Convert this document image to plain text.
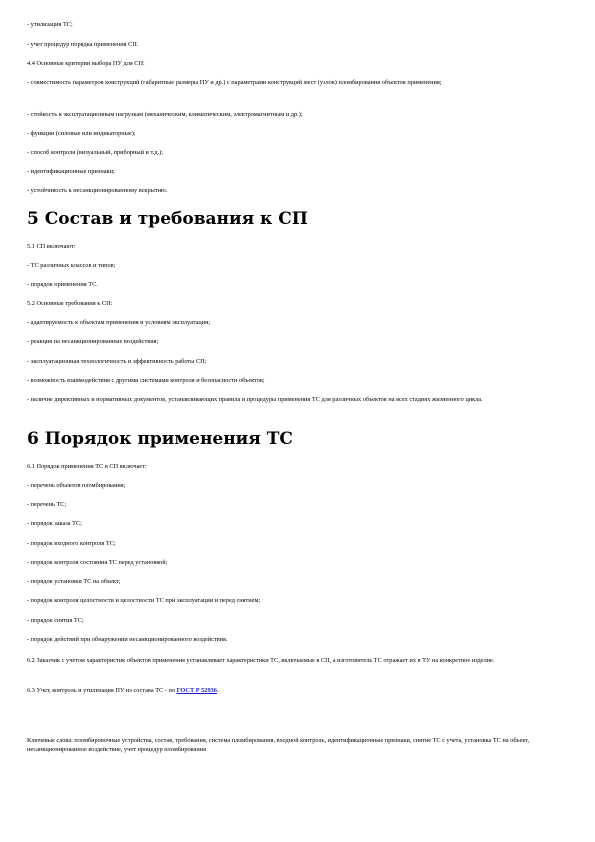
- утилизация ТС;
- учет процедур порядка применения СП.
4.4 Основные критерии выбора ПУ для СП:
- совместимость параметров конструкций (габаритные размеры ПУ и др.) с параметрами конструкций мест (узлов) пломбирования объектов применения;
- стойкость к эксплуатационным нагрузкам (механическим, климатическим, электромагнитным и др.);
- функции (силовые или индикаторные);
- способ контроля (визуальный, приборный и т.д.);
- идентификационные признаки;
- устойчивость к несанкционированному вскрытию.
5 Состав и требования к СП
5.1 СП включают:
- ТС различных классов и типов;
- порядок применения ТС.
5.2 Основные требования к СП:
- адаптируемость к объектам применения и условиям эксплуатации;
- реакция на несанкционированные воздействия;
- эксплуатационная технологичность и эффективность работы СП;
- возможность взаимодействия с другими системами контроля и безопасности объектов;
- наличие директивных и нормативных документов, устанавливающих правила и процедуры применения ТС для различных объектов на всех стадиях жизненного цикла.
6 Порядок применения ТС
6.1 Порядок применения ТС в СП включает:
- перечень объектов пломбирования;
- перечень ТС;
- порядок заказа ТС;
- порядок входного контроля ТС;
- порядок контроля состояния ТС перед установкой;
- порядок установки ТС на объект;
- порядок контроля целостности и целостности ТС при эксплуатации и перед снятием;
- порядок снятия ТС;
- порядок действий при обнаружении несанкционированного воздействия.
6.2 Заказчик с учетом характеристик объектов применения устанавливает характеристики ТС, включаемые в СП, а изготовитель ТС отражает их в ТУ на конкретное изделие.
6.3 Учет, контроль и утилизация ПУ из состава ТС - по ГОСТ Р 52936.
Ключевые слова: пломбировочные устройства, состав, требования, система пломбирования, входной контроль, идентификационные признаки, снятие ТС с учета, установка ТС на объект, несанкционированное воздействие, учет процедур пломбирования
